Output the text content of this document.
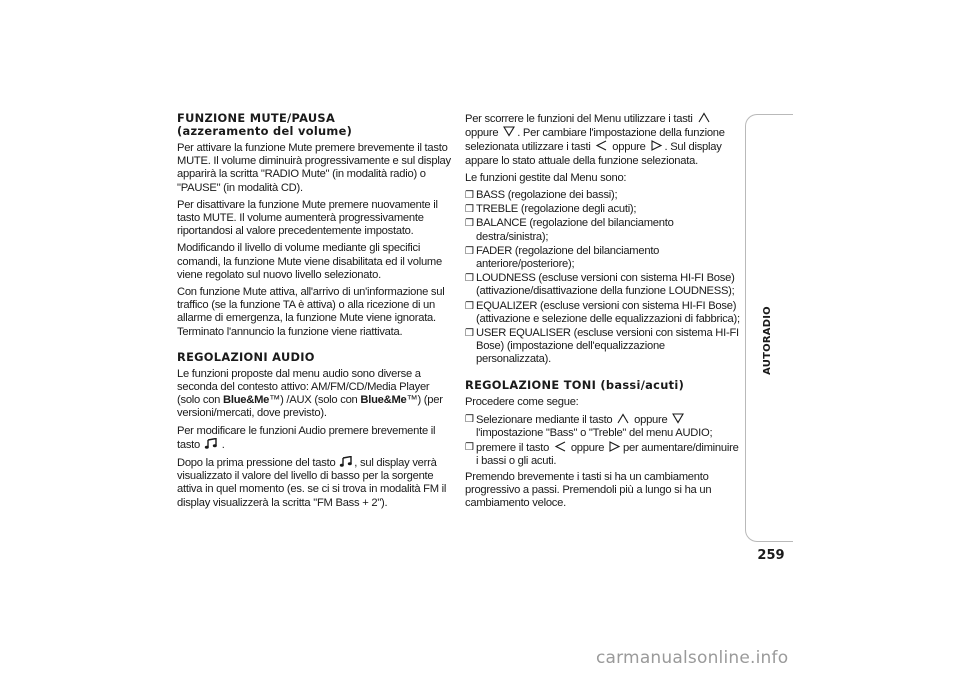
FUNZIONE MUTE/PAUSA
(azzeramento del volume)

Per attivare la funzione Mute premere brevemente il tasto MUTE. Il volume diminuirà progressivamente e sul display apparirà la scritta "RADIO Mute" (in modalità radio) o "PAUSE" (in modalità CD).

Per disattivare la funzione Mute premere nuovamente il tasto MUTE. Il volume aumenterà progressivamente riportandosi al valore precedentemente impostato.

Modificando il livello di volume mediante gli specifici comandi, la funzione Mute viene disabilitata ed il volume viene regolato sul nuovo livello selezionato.

Con funzione Mute attiva, all'arrivo di un'informazione sul traffico (se la funzione TA è attiva) o alla ricezione di un allarme di emergenza, la funzione Mute viene ignorata. Terminato l'annuncio la funzione viene riattivata.

REGOLAZIONI AUDIO

Le funzioni proposte dal menu audio sono diverse a seconda del contesto attivo: AM/FM/CD/Media Player (solo con Blue&Me™) /AUX (solo con Blue&Me™) (per versioni/mercati, dove previsto).

Per modificare le funzioni Audio premere brevemente il tasto .

Dopo la prima pressione del tasto , sul display verrà visualizzato il valore del livello di basso per la sorgente attiva in quel momento (es. se ci si trova in modalità FM il display visualizzerà la scritta "FM Bass + 2").

Per scorrere le funzioni del Menu utilizzare i tasti
oppure . Per cambiare l'impostazione della funzione selezionata utilizzare i tasti oppure . Sul display appare lo stato attuale della funzione selezionata.

Le funzioni gestite dal Menu sono:

❒ BASS (regolazione dei bassi);
❒ TREBLE (regolazione degli acuti);
❒ BALANCE (regolazione del bilanciamento destra/sinistra);
❒ FADER (regolazione del bilanciamento anteriore/posteriore);
❒ LOUDNESS (escluse versioni con sistema HI-FI Bose) (attivazione/disattivazione della funzione LOUDNESS);
❒ EQUALIZER (escluse versioni con sistema HI-FI Bose) (attivazione e selezione delle equalizzazioni di fabbrica);
❒ USER EQUALISER (escluse versioni con sistema HI-FI Bose) (impostazione dell'equalizzazione personalizzata).
REGOLAZIONE TONI (bassi/acuti)

Procedere come segue:

❒ Selezionare mediante il tasto oppure
l'impostazione "Bass" o "Treble" del menu AUDIO;
❒ premere il tasto oppure per aumentare/diminuire i bassi o gli acuti.

Premendo brevemente i tasti si ha un cambiamento progressivo a passi. Premendoli più a lungo si ha un cambiamento veloce.

AUTORADIO
259
carmanualsonline.info
